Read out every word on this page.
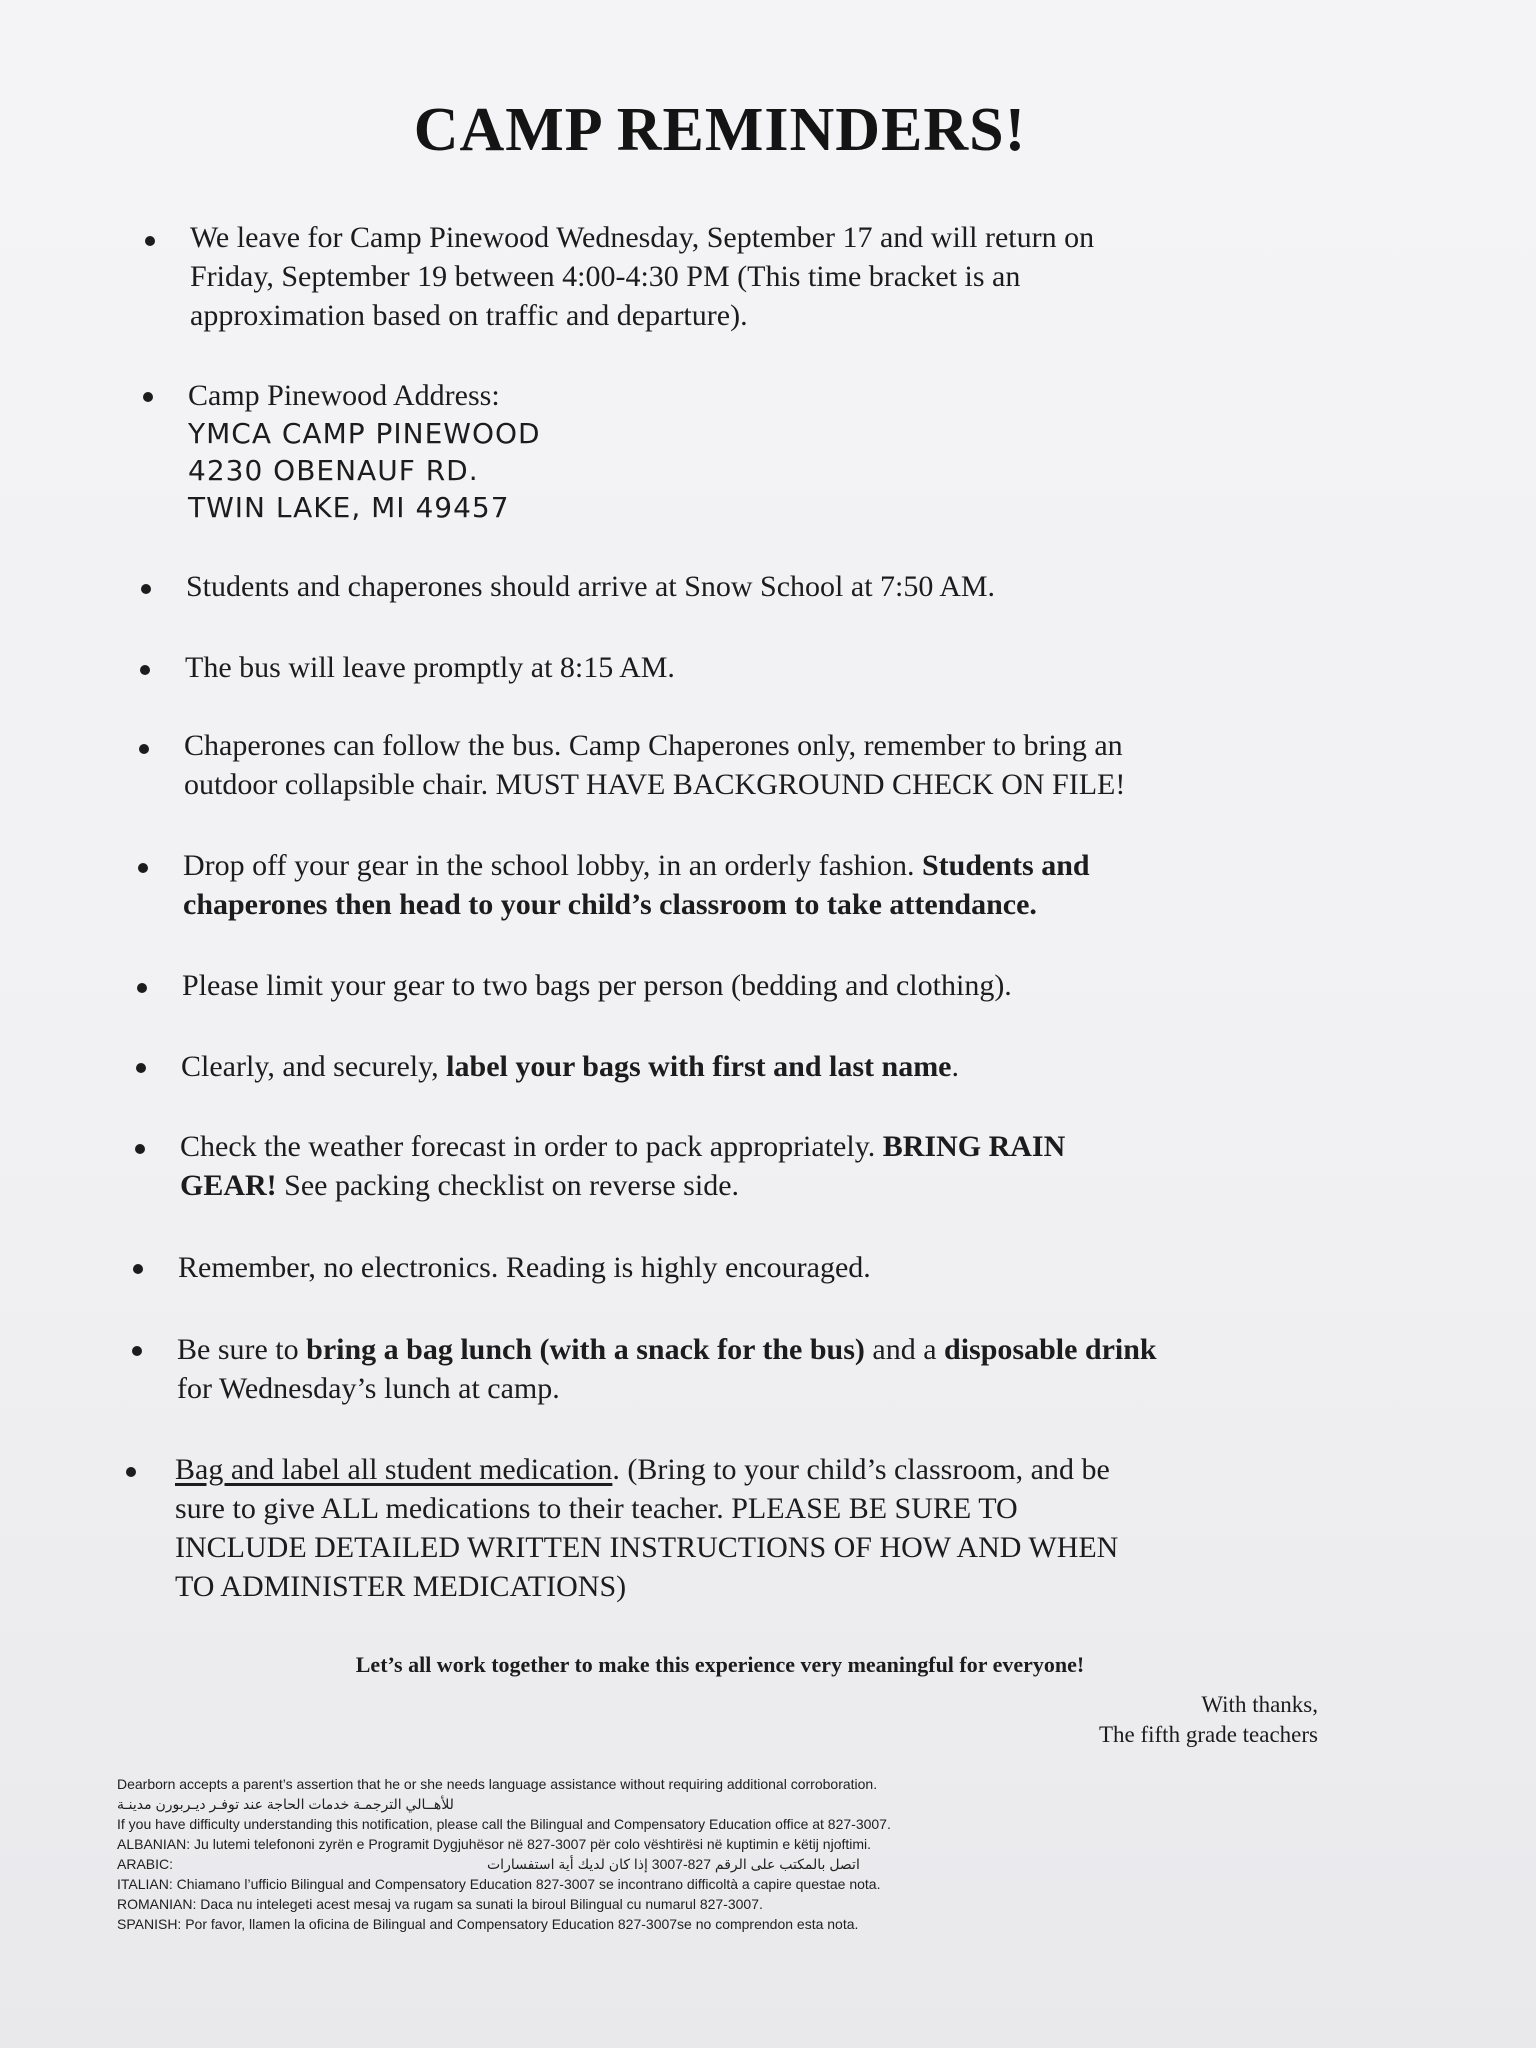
CAMP REMINDERS!
We leave for Camp Pinewood Wednesday, September 17 and will return on
Friday, September 19 between 4:00-4:30 PM (This time bracket is an
approximation based on traffic and departure).
Camp Pinewood Address:
YMCA CAMP PINEWOOD
4230 OBENAUF RD.
TWIN LAKE, MI 49457
Students and chaperones should arrive at Snow School at 7:50 AM.
The bus will leave promptly at 8:15 AM.
Chaperones can follow the bus. Camp Chaperones only, remember to bring an
outdoor collapsible chair. MUST HAVE BACKGROUND CHECK ON FILE!
Drop off your gear in the school lobby, in an orderly fashion. Students and
chaperones then head to your child’s classroom to take attendance.
Please limit your gear to two bags per person (bedding and clothing).
Clearly, and securely, label your bags with first and last name.
Check the weather forecast in order to pack appropriately. BRING RAIN
GEAR! See packing checklist on reverse side.
Remember, no electronics. Reading is highly encouraged.
Be sure to bring a bag lunch (with a snack for the bus) and a disposable drink
for Wednesday’s lunch at camp.
Bag and label all student medication. (Bring to your child’s classroom, and be
sure to give ALL medications to their teacher. PLEASE BE SURE TO
INCLUDE DETAILED WRITTEN INSTRUCTIONS OF HOW AND WHEN
TO ADMINISTER MEDICATIONS)
Let’s all work together to make this experience very meaningful for everyone!
With thanks,
The fifth grade teachers
Dearborn accepts a parent’s assertion that he or she needs language assistance without requiring additional corroboration.
للأهــالي الترجمـة خدمات الحاجة عند توفـر ديـربورن مدينـة
If you have difficulty understanding this notification, please call the Bilingual and Compensatory Education office at 827-3007.
ALBANIAN: Ju lutemi telefononi zyrën e Programit Dygjuhësor në 827-3007 për colo vështirësi në kuptimin e këtij njoftimi.
ARABIC:	اتصل بالمكتب على الرقم 827-3007 إذا كان لديك أية استفسارات
ITALIAN: Chiamano l’ufficio Bilingual and Compensatory Education 827-3007 se incontrano difficoltà a capire questae nota.
ROMANIAN: Daca nu intelegeti acest mesaj va rugam sa sunati la biroul Bilingual cu numarul 827-3007.
SPANISH: Por favor, llamen la oficina de Bilingual and Compensatory Education 827-3007se no comprendon esta nota.
